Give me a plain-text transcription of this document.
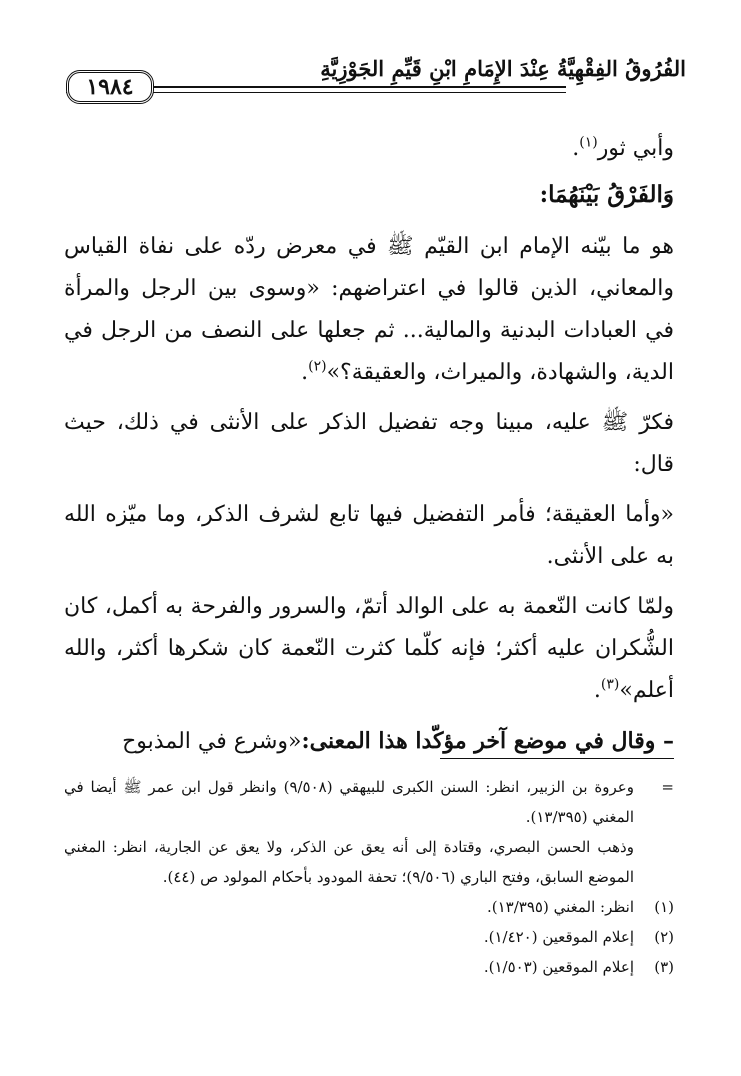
الفُرُوقُ الفِقْهِيَّةُ عِنْدَ الإِمَامِ ابْنِ قَيِّمِ الجَوْزِيَّةِ
١٩٨٤

وأبي ثور$^{(١)}$.

وَالفَرْقُ بَيْنَهُمَا:

هو ما بيّنه الإمام ابن القيّم ﷺ في معرض ردّه على نفاة القياس والمعاني، الذين قالوا في اعتراضهم: «وسوى بين الرجل والمرأة في العبادات البدنية والمالية... ثم جعلها على النصف من الرجل في الدية، والشهادة، والميراث، والعقيقة؟»$^{(٢)}$.

فكرّ ﷺ عليه، مبينا وجه تفضيل الذكر على الأنثى في ذلك، حيث قال:

«وأما العقيقة؛ فأمر التفضيل فيها تابع لشرف الذكر، وما ميّزه الله به على الأنثى.

ولمّا كانت النّعمة به على الوالد أتمّ، والسرور والفرحة به أكمل، كان الشُّكران عليه أكثر؛ فإنه كلّما كثرت النّعمة كان شكرها أكثر، والله أعلم»$^{(٣)}$.

– وقال في موضع آخر مؤكّدا هذا المعنى:«وشرع في المذبوح

=
وعروة بن الزبير، انظر: السنن الكبرى للبيهقي (٩/٥٠٨) وانظر قول ابن عمر ﷺ أيضا في المغني (١٣/٣٩٥).

وذهب الحسن البصري، وقتادة إلى أنه يعق عن الذكر، ولا يعق عن الجارية، انظر: المغني الموضع السابق، وفتح الباري (٩/٥٠٦)؛ تحفة المودود بأحكام المولود ص (٤٤).

(١)
انظر: المغني (١٣/٣٩٥).

(٢)
إعلام الموقعين (١/٤٢٠).

(٣)
إعلام الموقعين (١/٥٠٣).
